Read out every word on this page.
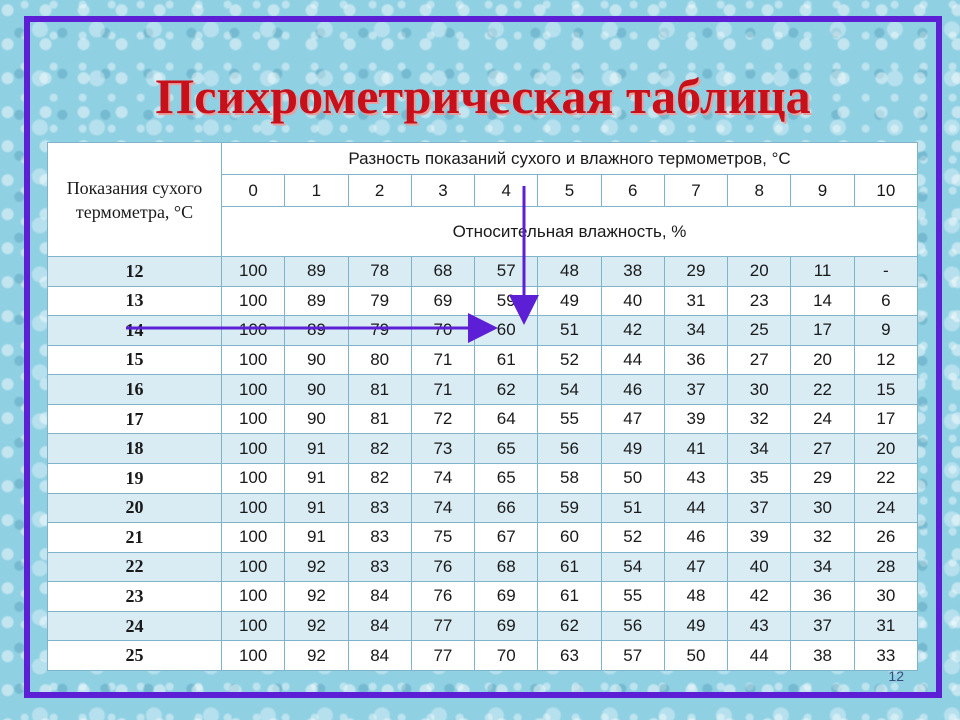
Психрометрическая таблица
Показания сухого термометра, °С	Разность показаний сухого и влажного термометров, °С										
	0	1	2	3	4	5	6	7	8	9	10
	Относительная влажность, %										
12	100	89	78	68	57	48	38	29	20	11	-
13	100	89	79	69	59	49	40	31	23	14	6
14	100	89	79	70	60	51	42	34	25	17	9
15	100	90	80	71	61	52	44	36	27	20	12
16	100	90	81	71	62	54	46	37	30	22	15
17	100	90	81	72	64	55	47	39	32	24	17
18	100	91	82	73	65	56	49	41	34	27	20
19	100	91	82	74	65	58	50	43	35	29	22
20	100	91	83	74	66	59	51	44	37	30	24
21	100	91	83	75	67	60	52	46	39	32	26
22	100	92	83	76	68	61	54	47	40	34	28
23	100	92	84	76	69	61	55	48	42	36	30
24	100	92	84	77	69	62	56	49	43	37	31
25	100	92	84	77	70	63	57	50	44	38	33
12
